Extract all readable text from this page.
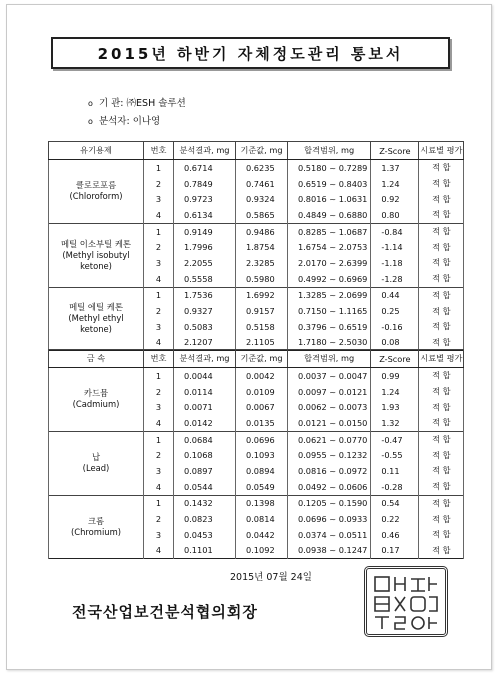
2015년 하반기 자체정도관리 통보서
o 기 관: ㈜ESH 솔루션
o 분석자: 이나영
유기용제	번호	분석결과, mg	기준값, mg	합격범위, mg	Z-Score	시료별 평가
클로로포름
(Chloroform)	1	0.6714	0.6235	0.5180 ~ 0.7289	1.37	적 합
	2	0.7849	0.7461	0.6519 ~ 0.8403	1.24	적 합
	3	0.9723	0.9324	0.8016 ~ 1.0631	0.92	적 합
	4	0.6134	0.5865	0.4849 ~ 0.6880	0.80	적 합
메틸 이소부틸 케톤
(Methyl isobutyl
ketone)	1	0.9149	0.9486	0.8285 ~ 1.0687	-0.84	적 합
	2	1.7996	1.8754	1.6754 ~ 2.0753	-1.14	적 합
	3	2.2055	2.3285	2.0170 ~ 2.6399	-1.18	적 합
	4	0.5558	0.5980	0.4992 ~ 0.6969	-1.28	적 합
메틸 에틸 케톤
(Methyl ethyl
ketone)	1	1.7536	1.6992	1.3285 ~ 2.0699	0.44	적 합
	2	0.9327	0.9157	0.7150 ~ 1.1165	0.25	적 합
	3	0.5083	0.5158	0.3796 ~ 0.6519	-0.16	적 합
	4	2.1207	2.1105	1.7180 ~ 2.5030	0.08	적 합
금 속	번호	분석결과, mg	기준값, mg	합격범위, mg	Z-Score	시료별 평가
카드뮴
(Cadmium)	1	0.0044	0.0042	0.0037 ~ 0.0047	0.99	적 합
	2	0.0114	0.0109	0.0097 ~ 0.0121	1.24	적 합
	3	0.0071	0.0067	0.0062 ~ 0.0073	1.93	적 합
	4	0.0142	0.0135	0.0121 ~ 0.0150	1.32	적 합
납
(Lead)	1	0.0684	0.0696	0.0621 ~ 0.0770	-0.47	적 합
	2	0.1068	0.1093	0.0955 ~ 0.1232	-0.55	적 합
	3	0.0897	0.0894	0.0816 ~ 0.0972	0.11	적 합
	4	0.0544	0.0549	0.0492 ~ 0.0606	-0.28	적 합
크롬
(Chromium)	1	0.1432	0.1398	0.1205 ~ 0.1590	0.54	적 합
	2	0.0823	0.0814	0.0696 ~ 0.0933	0.22	적 합
	3	0.0453	0.0442	0.0374 ~ 0.0511	0.46	적 합
	4	0.1101	0.1092	0.0938 ~ 0.1247	0.17	적 합
2015년 07월 24일
전국산업보건분석협의회장
